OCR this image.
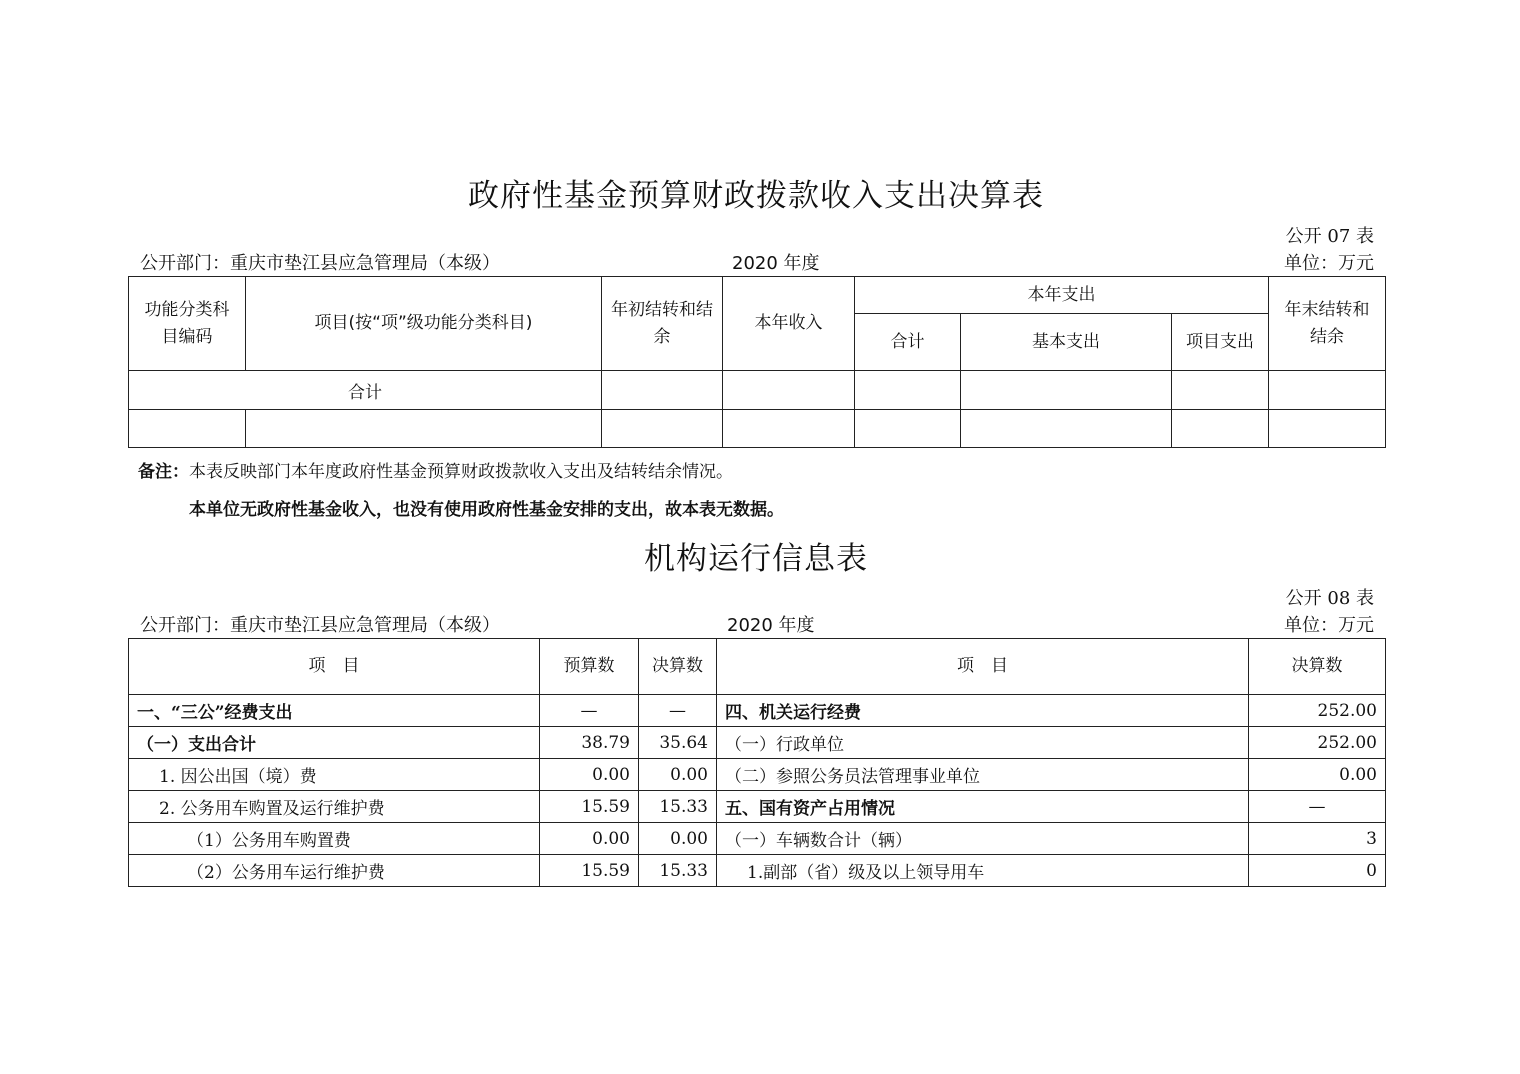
政府性基金预算财政拨款收入支出决算表
公开 07 表
公开部门：重庆市垫江县应急管理局（本级）	2020 年度	单位：万元
功能分类科目编码	项目(按“项”级功能分类科目)	年初结转和结余	本年收入	本年支出			年末结转和结余
				合计	基本支出	项目支出	
合计							

备注：本表反映部门本年度政府性基金预算财政拨款收入支出及结转结余情况。
本单位无政府性基金收入，也没有使用政府性基金安排的支出，故本表无数据。
机构运行信息表
公开 08 表
公开部门：重庆市垫江县应急管理局（本级）	2020 年度	单位：万元
项　目	预算数	决算数	项　目	决算数
一、“三公”经费支出	—	—	四、机关运行经费	252.00
（一）支出合计	38.79	35.64	（一）行政单位	252.00
1. 因公出国（境）费	0.00	0.00	（二）参照公务员法管理事业单位	0.00
2. 公务用车购置及运行维护费	15.59	15.33	五、国有资产占用情况	—
（1）公务用车购置费	0.00	0.00	（一）车辆数合计（辆）	3
（2）公务用车运行维护费	15.59	15.33	1.副部（省）级及以上领导用车	0
